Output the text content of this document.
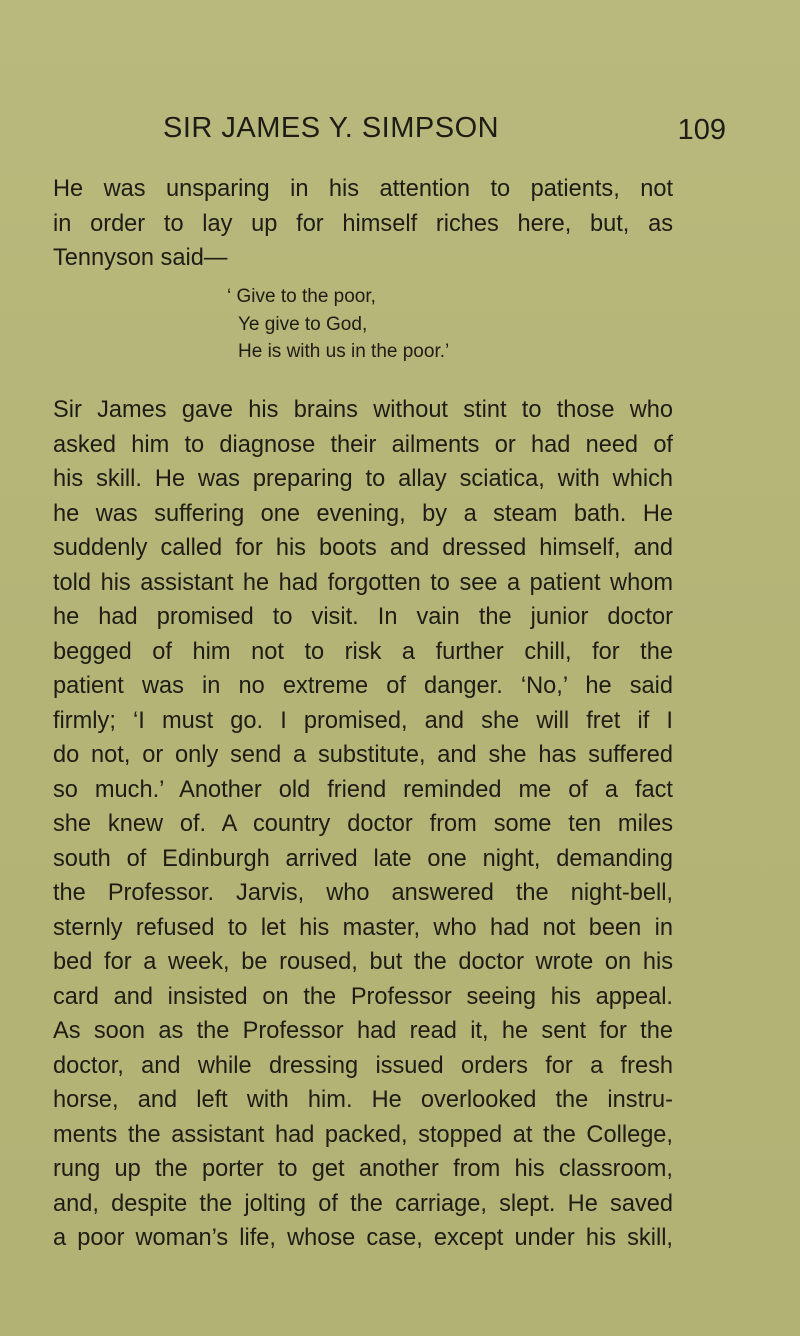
SIR JAMES Y. SIMPSON	109
He was unsparing in his attention to patients, not
in order to lay up for himself riches here, but, as
Tennyson said—
‘ Give to the poor,
Ye give to God,
He is with us in the poor.’
Sir James gave his brains without stint to those who
asked him to diagnose their ailments or had need of
his skill. He was preparing to allay sciatica, with which
he was suffering one evening, by a steam bath. He
suddenly called for his boots and dressed himself, and
told his assistant he had forgotten to see a patient whom
he had promised to visit. In vain the junior doctor
begged of him not to risk a further chill, for the
patient was in no extreme of danger. ‘No,’ he said
firmly; ‘I must go. I promised, and she will fret if I
do not, or only send a substitute, and she has suffered
so much.’ Another old friend reminded me of a fact
she knew of. A country doctor from some ten miles
south of Edinburgh arrived late one night, demanding
the Professor. Jarvis, who answered the night-bell,
sternly refused to let his master, who had not been in
bed for a week, be roused, but the doctor wrote on his
card and insisted on the Professor seeing his appeal.
As soon as the Professor had read it, he sent for the
doctor, and while dressing issued orders for a fresh
horse, and left with him. He overlooked the instru-
ments the assistant had packed, stopped at the College,
rung up the porter to get another from his classroom,
and, despite the jolting of the carriage, slept. He saved
a poor woman’s life, whose case, except under his skill,
